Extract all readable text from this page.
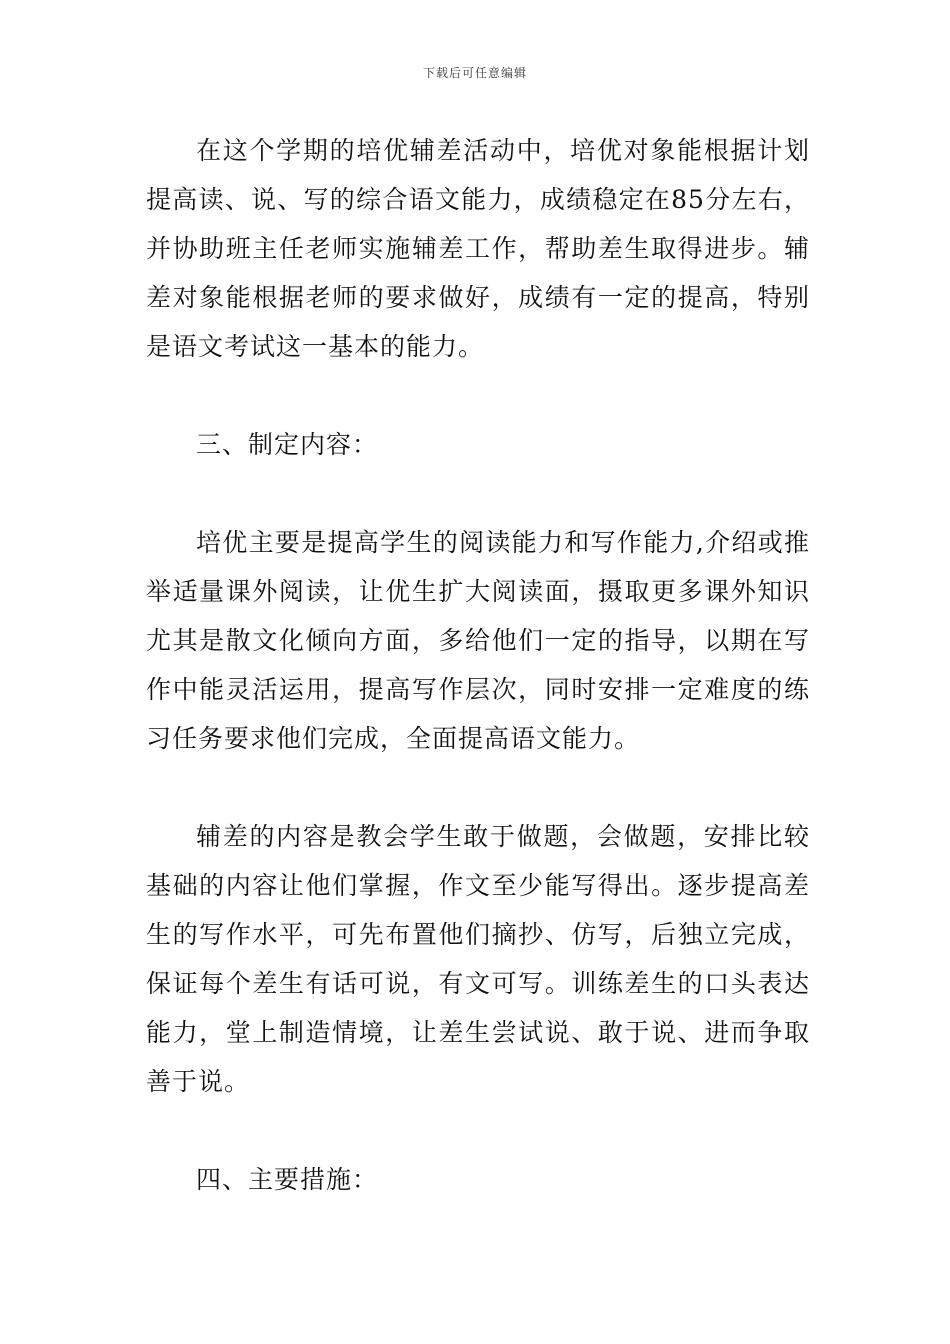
下载后可任意编辑

在这个学期的培优辅差活动中，培优对象能根据计划提高读、说、写的综合语文能力，成绩稳定在85分左右，并协助班主任老师实施辅差工作，帮助差生取得进步。辅差对象能根据老师的要求做好，成绩有一定的提高，特别是语文考试这一基本的能力。

三、制定内容：

培优主要是提高学生的阅读能力和写作能力,介绍或推举适量课外阅读，让优生扩大阅读面，摄取更多课外知识尤其是散文化倾向方面，多给他们一定的指导，以期在写作中能灵活运用，提高写作层次，同时安排一定难度的练习任务要求他们完成，全面提高语文能力。

辅差的内容是教会学生敢于做题，会做题，安排比较基础的内容让他们掌握，作文至少能写得出。逐步提高差生的写作水平，可先布置他们摘抄、仿写，后独立完成，保证每个差生有话可说，有文可写。训练差生的口头表达能力，堂上制造情境，让差生尝试说、敢于说、进而争取善于说。

四、主要措施：
